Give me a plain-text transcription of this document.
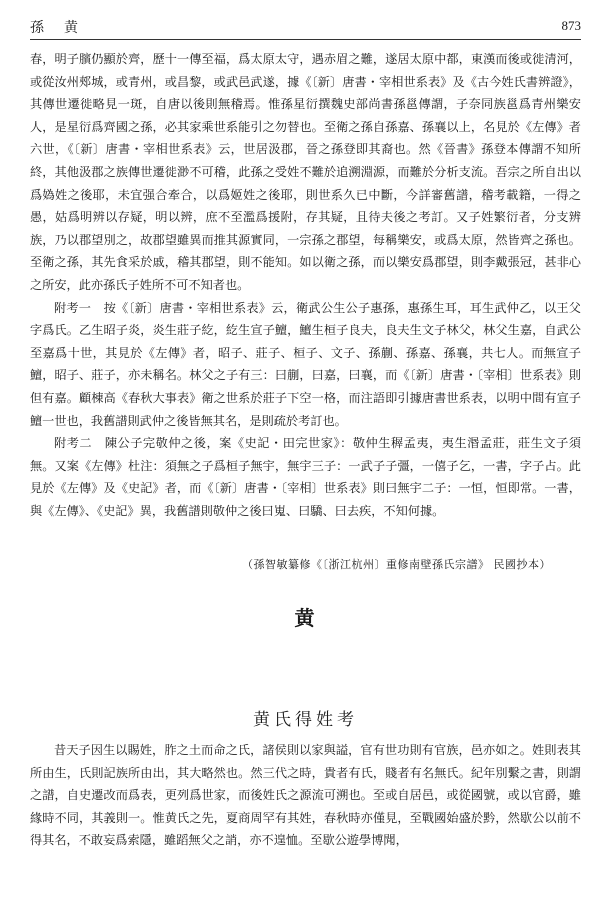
孫　黄	873

春，明子臏仍顯於齊，歷十一傳至福，爲太原太守，遇赤眉之難，遂居太原中都，東漢而後或徙清河，或從汝州郟城，或青州，或昌黎，或武邑武遂，據《〔新〕唐書・宰相世系表》及《古今姓氏書辨證》，其傳世遷徙略見一斑，自唐以後則無稽焉。惟孫星衍撰魏史部尚書孫邕傳謂，子奈同族邕爲青州樂安人，是星衍爲齊國之孫，必其家乘世系能引之勿替也。至衛之孫自孫嘉、孫襄以上，名見於《左傳》者六世，《〔新〕唐書・宰相世系表》云，世居汲郡，晉之孫登即其裔也。然《晉書》孫登本傳謂不知所終，其他汲郡之族傳世遷徙渺不可稽，此孫之受姓不難於追溯淵源，而難於分析支流。吾宗之所自出以爲媯姓之後耶，未宜强合牽合，以爲姬姓之後耶，則世系久已中斷，今詳審舊譜，稽考載籍，一得之愚，姑爲明辨以存疑，明以辨，庶不至濫爲援附，存其疑，且待夫後之考訂。又子姓繁衍者，分支辨族，乃以郡望別之，故郡望雖異而推其源實同，一宗孫之郡望，每稱樂安，或爲太原，然皆齊之孫也。至衛之孫，其先食采於戚，稽其郡望，則不能知。如以衛之孫，而以樂安爲郡望，則李戴張冠，甚非心之所安，此亦孫氏子姓所不可不知者也。

附考一　按《〔新〕唐書・宰相世系表》云，衛武公生公子惠孫，惠孫生耳，耳生武仲乙，以王父字爲氏。乙生昭子炎，炎生莊子紇，紇生宣子鱣，鱣生桓子良夫，良夫生文子林父，林父生嘉，自武公至嘉爲十世，其見於《左傳》者，昭子、莊子、桓子、文子、孫蒯、孫嘉、孫襄，共七人。而無宣子鱣，昭子、莊子，亦未稱名。林父之子有三：曰蒯，曰嘉，曰襄，而《〔新〕唐書・〔宰相〕世系表》則但有嘉。顧棟高《春秋大事表》衛之世系於莊子下空一格，而注語即引據唐書世系表，以明中間有宣子鱣一世也，我舊譜則武仲之後皆無其名，是則疏於考訂也。

附考二　陳公子完敬仲之後，案《史記・田完世家》：敬仲生稺孟夷，夷生湣孟莊，莊生文子須無。又案《左傳》杜注：須無之子爲桓子無宇，無宇三子：一武子子彊，一僖子乞，一書，字子占。此見於《左傳》及《史記》者，而《〔新〕唐書・〔宰相〕世系表》則曰無宇二子：一恒，恒即常。一書，與《左傳》、《史記》異，我舊譜則敬仲之後曰嵬、曰驕、曰去疾，不知何據。

（孫智敏纂修《〔浙江杭州〕重修南壁孫氏宗譜》 民國抄本）
黄
黄氏得姓考

昔天子因生以賜姓，胙之土而命之氏，諸侯則以家與謚，官有世功則有官族，邑亦如之。姓則表其所由生，氏則記族所由出，其大略然也。然三代之時，貴者有氏，賤者有名無氏。紀年別繫之書，則謂之譜，自史遷改而爲表，更列爲世家，而後姓氏之源流可溯也。至或自居邑，或從國號，或以官爵，雖緣時不同，其義則一。惟黄氏之先，夏商周罕有其姓，春秋時亦僅見，至戰國始盛於黔，然歇公以前不得其名，不敢妄爲索隱，雖蹈無父之誚，亦不遑恤。至歇公遊學博聞，
